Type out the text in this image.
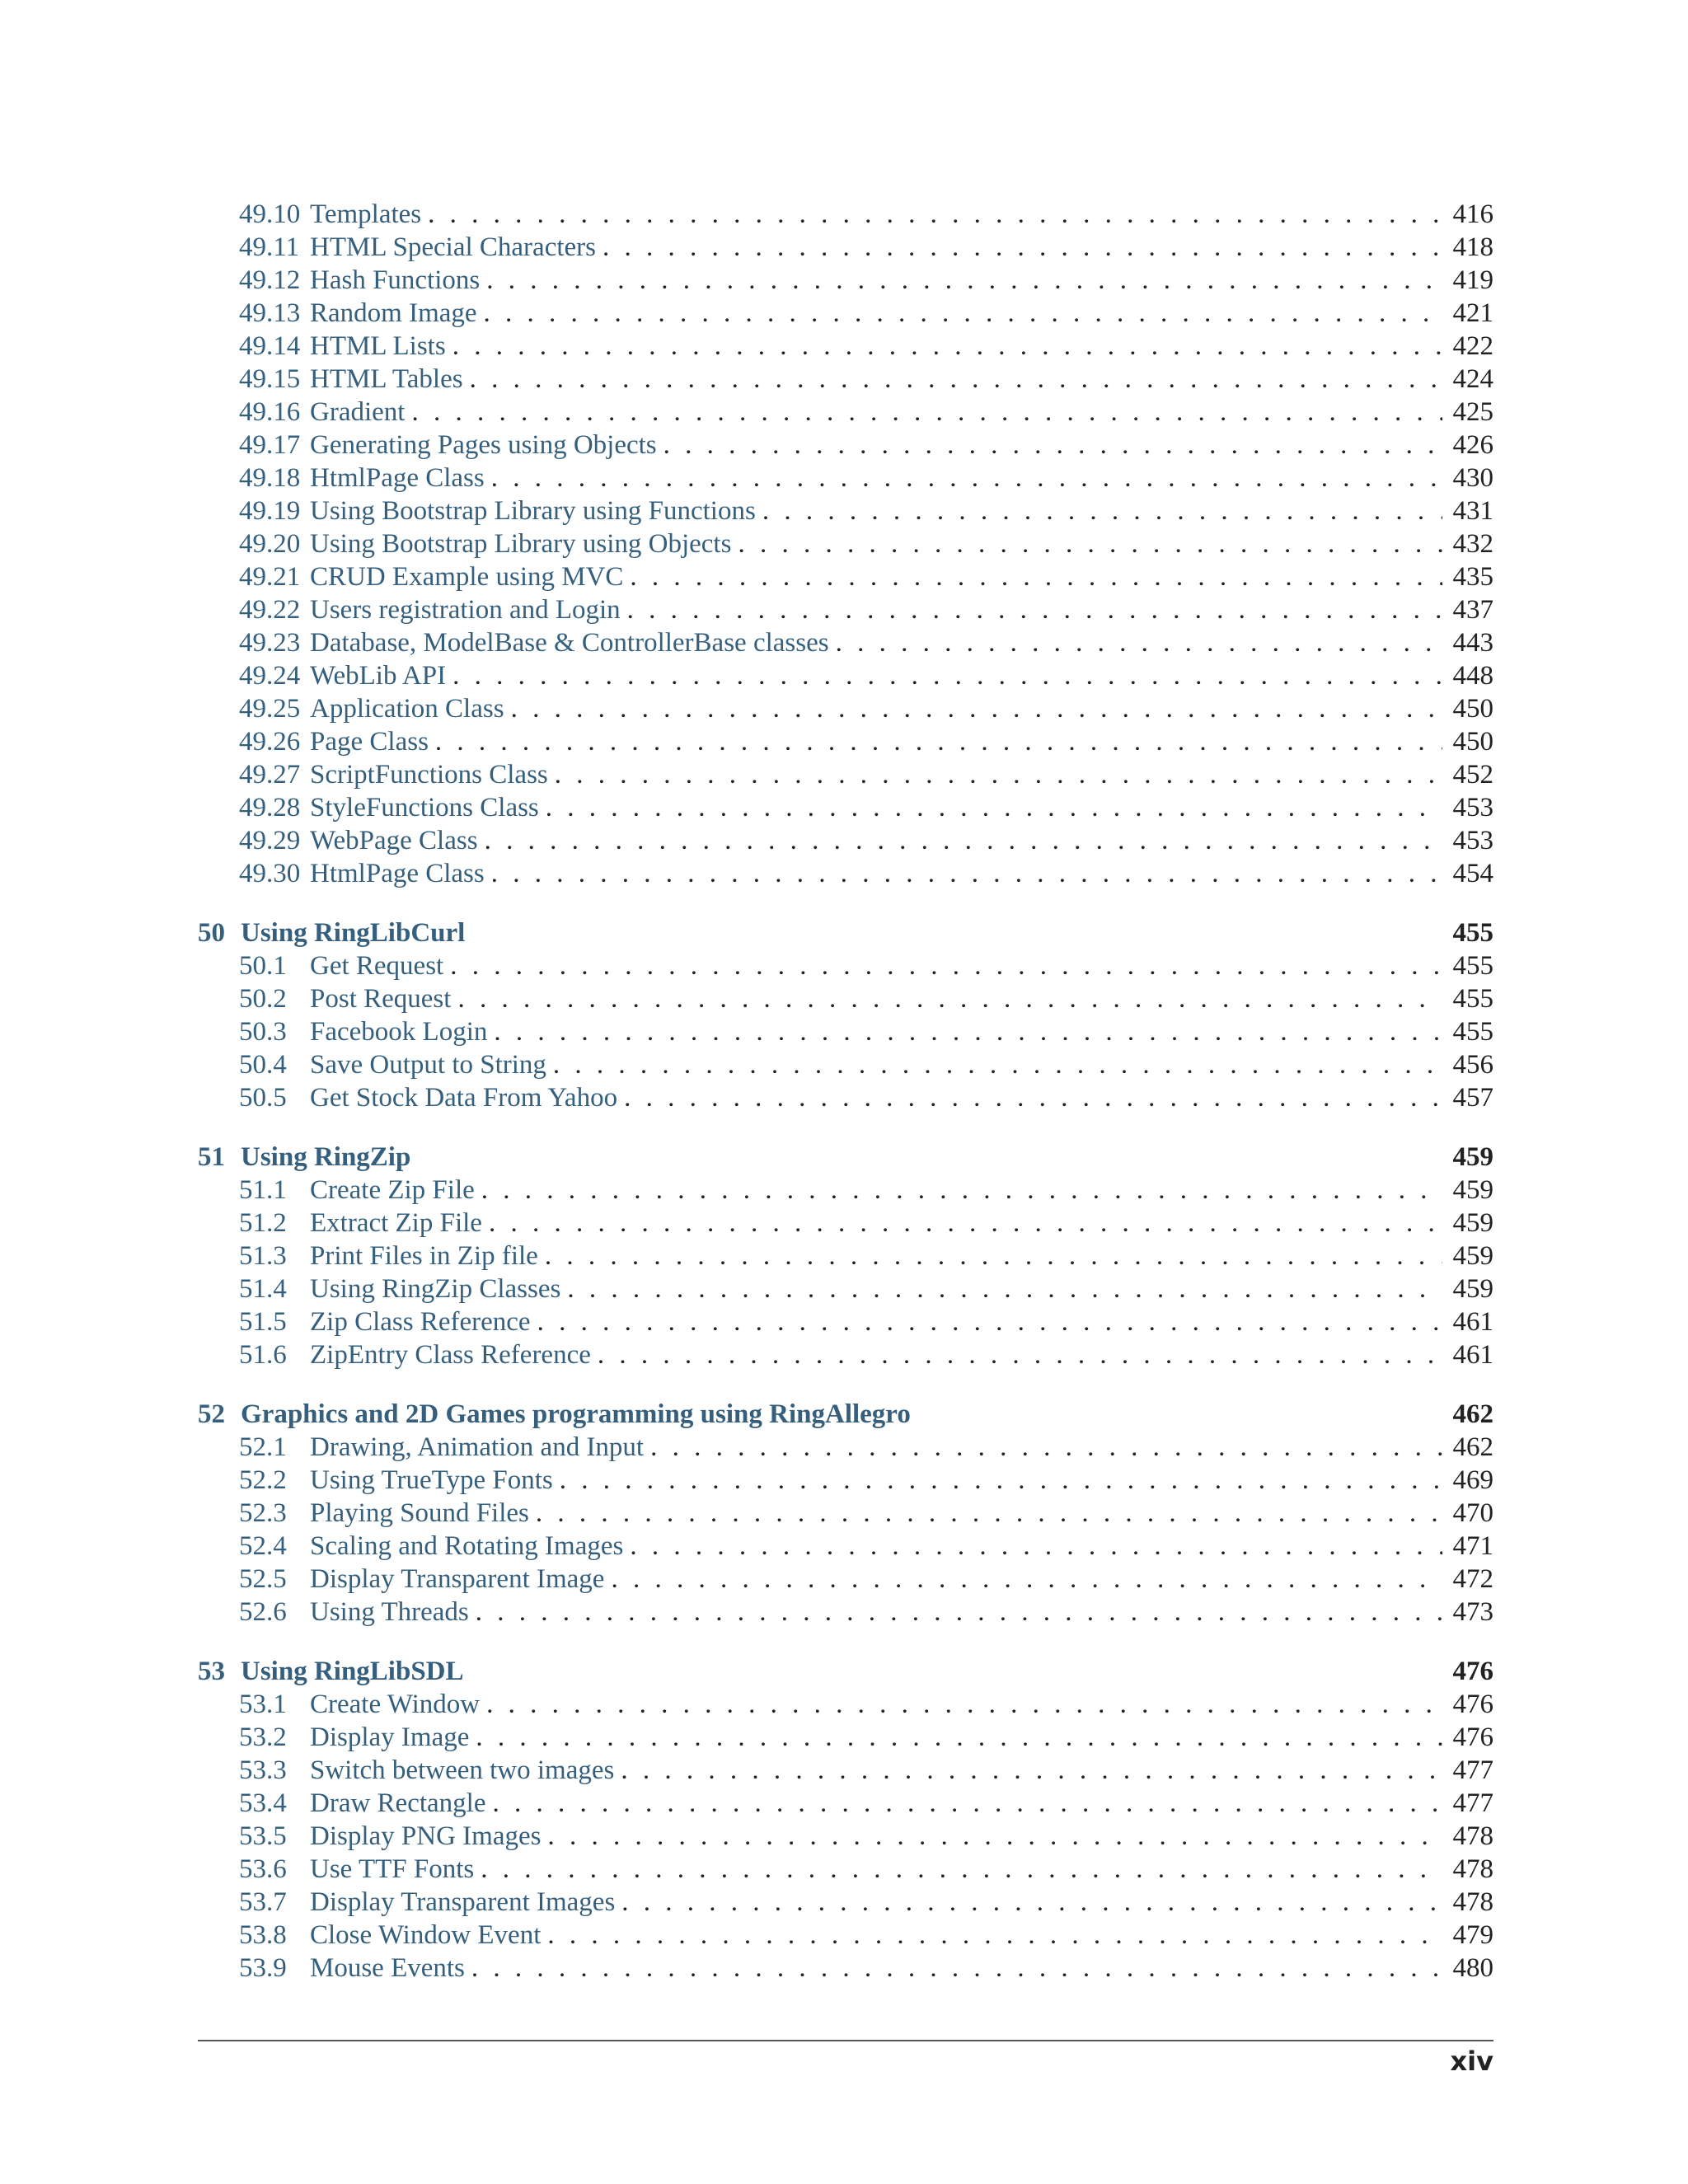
49.10 Templates . . .	416
49.11 HTML Special Characters . . .	418
49.12 Hash Functions . . .	419
49.13 Random Image . . .	421
49.14 HTML Lists . . .	422
49.15 HTML Tables . . .	424
49.16 Gradient . . .	425
49.17 Generating Pages using Objects . . .	426
49.18 HtmlPage Class . . .	430
49.19 Using Bootstrap Library using Functions . . .	431
49.20 Using Bootstrap Library using Objects . . .	432
49.21 CRUD Example using MVC . . .	435
49.22 Users registration and Login . . .	437
49.23 Database, ModelBase & ControllerBase classes . . .	443
49.24 WebLib API . . .	448
49.25 Application Class . . .	450
49.26 Page Class . . .	450
49.27 ScriptFunctions Class . . .	452
49.28 StyleFunctions Class . . .	453
49.29 WebPage Class . . .	453
49.30 HtmlPage Class . . .	454
50 Using RingLibCurl	455
50.1 Get Request . . .	455
50.2 Post Request . . .	455
50.3 Facebook Login . . .	455
50.4 Save Output to String . . .	456
50.5 Get Stock Data From Yahoo . . .	457
51 Using RingZip	459
51.1 Create Zip File . . .	459
51.2 Extract Zip File . . .	459
51.3 Print Files in Zip file . . .	459
51.4 Using RingZip Classes . . .	459
51.5 Zip Class Reference . . .	461
51.6 ZipEntry Class Reference . . .	461
52 Graphics and 2D Games programming using RingAllegro	462
52.1 Drawing, Animation and Input . . .	462
52.2 Using TrueType Fonts . . .	469
52.3 Playing Sound Files . . .	470
52.4 Scaling and Rotating Images . . .	471
52.5 Display Transparent Image . . .	472
52.6 Using Threads . . .	473
53 Using RingLibSDL	476
53.1 Create Window . . .	476
53.2 Display Image . . .	476
53.3 Switch between two images . . .	477
53.4 Draw Rectangle . . .	477
53.5 Display PNG Images . . .	478
53.6 Use TTF Fonts . . .	478
53.7 Display Transparent Images . . .	478
53.8 Close Window Event . . .	479
53.9 Mouse Events . . .	480
xiv
